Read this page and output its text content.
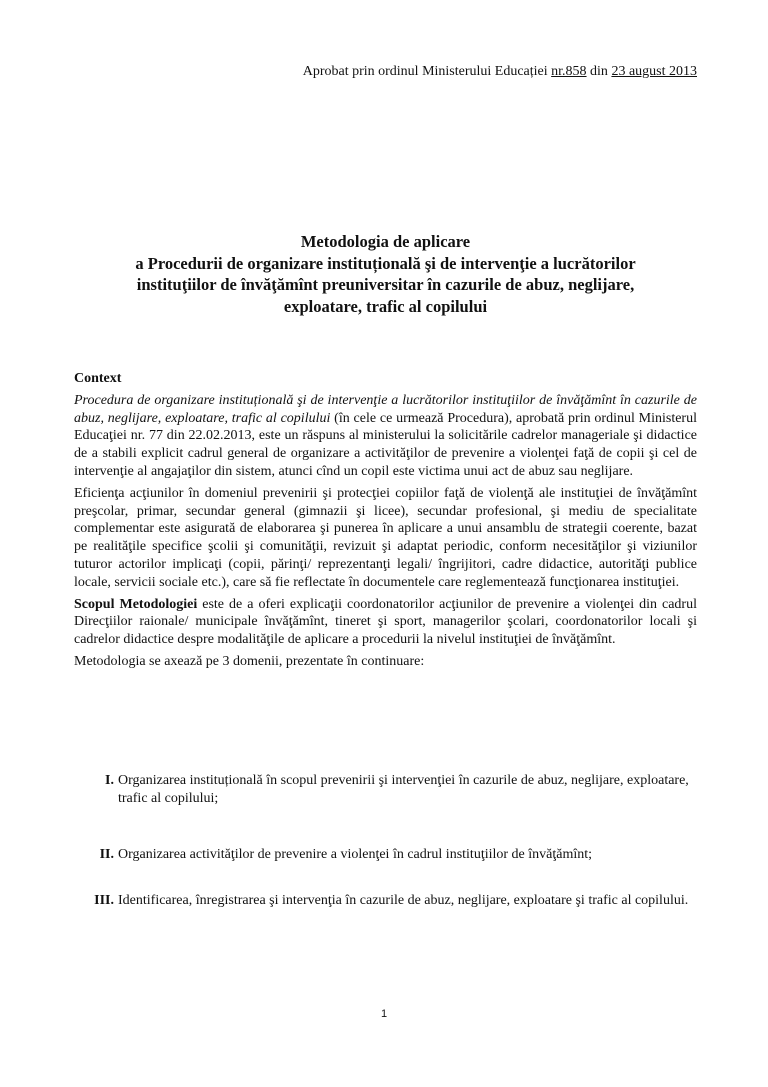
Aprobat prin ordinul Ministerului Educației nr.858 din 23 august 2013
Metodologia de aplicare
a Procedurii de organizare instituțională şi de intervenţie a lucrătorilor
instituţiilor de învăţămînt preuniversitar în cazurile de abuz, neglijare,
exploatare, trafic al copilului

Context

Procedura de organizare instituțională şi de intervenţie a lucrătorilor instituţiilor de învăţămînt în cazurile de abuz, neglijare, exploatare, trafic al copilului (în cele ce urmează Procedura), aprobată prin ordinul Ministerul Educaţiei nr. 77 din 22.02.2013, este un răspuns al ministerului la solicitările cadrelor manageriale şi didactice de a stabili explicit cadrul general de organizare a activităţilor de prevenire a violenţei faţă de copii şi cel de intervenţie al angajaţilor din sistem, atunci cînd un copil este victima unui act de abuz sau neglijare.

Eficienţa acţiunilor în domeniul prevenirii şi protecţiei copiilor faţă de violenţă ale instituţiei de învăţămînt preşcolar, primar, secundar general (gimnazii şi licee), secundar profesional, şi mediu de specialitate complementar este asigurată de elaborarea şi punerea în aplicare a unui ansamblu de strategii coerente, bazat pe realităţile specifice şcolii şi comunităţii, revizuit şi adaptat periodic, conform necesităţilor şi viziunilor tuturor actorilor implicaţi (copii, părinţi/ reprezentanţi legali/ îngrijitori, cadre didactice, autorităţi publice locale, servicii sociale etc.), care să fie reflectate în documentele care reglementează funcţionarea instituţiei.

Scopul Metodologiei este de a oferi explicaţii coordonatorilor acţiunilor de prevenire a violenţei din cadrul Direcţiilor raionale/ municipale învăţămînt, tineret şi sport, managerilor şcolari, coordonatorilor locali şi cadrelor didactice despre modalităţile de aplicare a procedurii la nivelul instituţiei de învăţămînt.

Metodologia se axează pe 3 domenii, prezentate în continuare:

I. Organizarea instituțională în scopul prevenirii şi intervenţiei în cazurile de abuz, neglijare, exploatare, trafic al copilului;
II. Organizarea activităţilor de prevenire a violenţei în cadrul instituţiilor de învăţămînt;
III. Identificarea, înregistrarea şi intervenţia în cazurile de abuz, neglijare, exploatare şi trafic al copilului.
1
